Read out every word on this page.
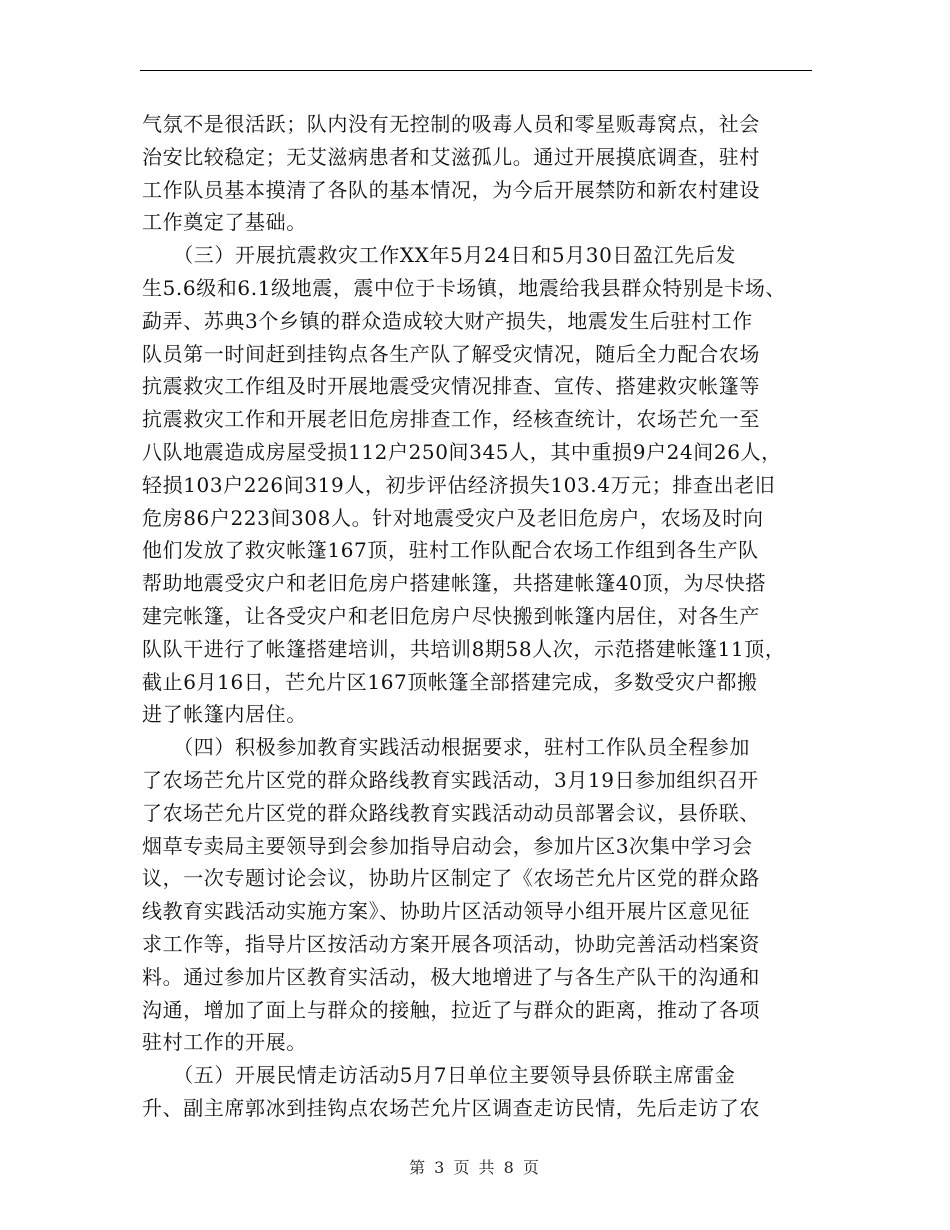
气氛不是很活跃；队内没有无控制的吸毒人员和零星贩毒窝点，社会
治安比较稳定；无艾滋病患者和艾滋孤儿。通过开展摸底调查，驻村
工作队员基本摸清了各队的基本情况，为今后开展禁防和新农村建设
工作奠定了基础。
　　（三）开展抗震救灾工作XX年5月24日和5月30日盈江先后发
生5.6级和6.1级地震，震中位于卡场镇，地震给我县群众特别是卡场、
勐弄、苏典3个乡镇的群众造成较大财产损失，地震发生后驻村工作
队员第一时间赶到挂钩点各生产队了解受灾情况，随后全力配合农场
抗震救灾工作组及时开展地震受灾情况排查、宣传、搭建救灾帐篷等
抗震救灾工作和开展老旧危房排查工作，经核查统计，农场芒允一至
八队地震造成房屋受损112户250间345人，其中重损9户24间26人，
轻损103户226间319人，初步评估经济损失103.4万元；排查出老旧
危房86户223间308人。针对地震受灾户及老旧危房户，农场及时向
他们发放了救灾帐篷167顶，驻村工作队配合农场工作组到各生产队
帮助地震受灾户和老旧危房户搭建帐篷，共搭建帐篷40顶，为尽快搭
建完帐篷，让各受灾户和老旧危房户尽快搬到帐篷内居住，对各生产
队队干进行了帐篷搭建培训，共培训8期58人次，示范搭建帐篷11顶，
截止6月16日，芒允片区167顶帐篷全部搭建完成，多数受灾户都搬
进了帐篷内居住。
　　（四）积极参加教育实践活动根据要求，驻村工作队员全程参加
了农场芒允片区党的群众路线教育实践活动，3月19日参加组织召开
了农场芒允片区党的群众路线教育实践活动动员部署会议，县侨联、
烟草专卖局主要领导到会参加指导启动会，参加片区3次集中学习会
议，一次专题讨论会议，协助片区制定了《农场芒允片区党的群众路
线教育实践活动实施方案》、协助片区活动领导小组开展片区意见征
求工作等，指导片区按活动方案开展各项活动，协助完善活动档案资
料。通过参加片区教育实活动，极大地增进了与各生产队干的沟通和
沟通，增加了面上与群众的接触，拉近了与群众的距离，推动了各项
驻村工作的开展。
　　（五）开展民情走访活动5月7日单位主要领导县侨联主席雷金
升、副主席郭冰到挂钩点农场芒允片区调查走访民情，先后走访了农
第 3 页 共 8 页
